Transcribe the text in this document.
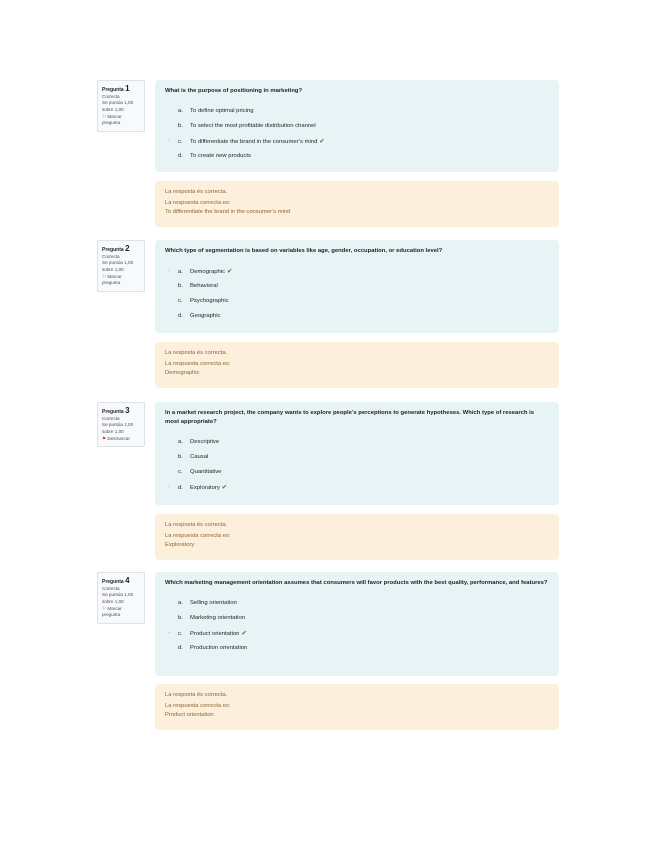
Pregunta 1
Correcta
Se puntúa 1,00
sobre 1,00
⚐ Marcar pregunta
What is the purpose of positioning in marketing?
a. To define optimal pricing
b. To select the most profitable distribution channel
◦ c. To differentiate the brand in the consumer’s mind ✔
d. To create new products
La resposta és correcta.
La respuesta correcta es:
To differentiate the brand in the consumer’s mind
Pregunta 2
Correcta
Se puntúa 1,00
sobre 1,00
⚐ Marcar pregunta
Which type of segmentation is based on variables like age, gender, occupation, or education level?
◦ a. Demographic ✔
b. Behavioral
c. Psychographic
d. Geographic
La resposta és correcta.
La respuesta correcta es:
Demographic
Pregunta 3
Correcta
Se puntúa 1,00
sobre 1,00
⚑ Desmarcar
In a market research project, the company wants to explore people’s perceptions to generate hypotheses. Which type of research is most appropriate?
a. Descriptive
b. Causal
c. Quantitative
◦ d. Exploratory ✔
La resposta és correcta.
La respuesta correcta es:
Exploratory
Pregunta 4
Correcta
Se puntúa 1,00
sobre 1,00
⚐ Marcar pregunta
Which marketing management orientation assumes that consumers will favor products with the best quality, performance, and features?
a. Selling orientation
b. Marketing orientation
◦ c. Product orientation ✔
d. Production orientation
La resposta és correcta.
La respuesta correcta es:
Product orientation
